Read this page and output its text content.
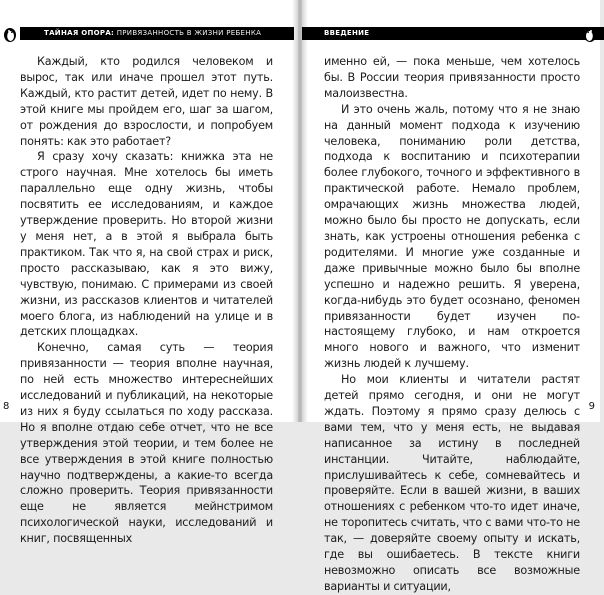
ТАЙНАЯ ОПОРА: ПРИВЯЗАННОСТЬ В ЖИЗНИ РЕБЕНКА

Каждый, кто родился человеком и вырос, так или иначе прошел этот путь. Каждый, кто растит детей, идет по нему. В этой книге мы пройдем его, шаг за шагом, от рождения до взрослости, и попробуем понять: как это работает?

Я сразу хочу сказать: книжка эта не строго научная. Мне хотелось бы иметь параллельно еще одну жизнь, чтобы посвятить ее исследованиям, и каждое утверждение проверить. Но второй жизни у меня нет, а в этой я выбрала быть практиком. Так что я, на свой страх и риск, просто рассказываю, как я это вижу, чувствую, понимаю. С примерами из своей жизни, из рассказов клиентов и читателей моего блога, из наблюдений на улице и в детских площадках.

Конечно, самая суть — теория привязанности — теория вполне научная, по ней есть множество интереснейших исследований и публикаций, на некоторые из них я буду ссылаться по ходу рассказа. Но я вполне отдаю себе отчет, что не все утверждения этой теории, и тем более не все утверждения в этой книге полностью научно подтверждены, а какие-то всегда сложно проверить. Теория привязанности еще не является мейнстримом психологической науки, исследований и книг, посвященных

8
ВВЕДЕНИЕ

именно ей, — пока меньше, чем хотелось бы. В России теория привязанности просто малоизвестна.

И это очень жаль, потому что я не знаю на данный момент подхода к изучению человека, пониманию роли детства, подхода к воспитанию и психотерапии более глубокого, точного и эффективного в практической работе. Немало проблем, омрачающих жизнь множества людей, можно было бы просто не допускать, если знать, как устроены отношения ребенка с родителями. И многие уже созданные и даже привычные можно было бы вполне успешно и надежно решить. Я уверена, когда-нибудь это будет осознано, феномен привязанности будет изучен по-настоящему глубоко, и нам откроется много нового и важного, что изменит жизнь людей к лучшему.

Но мои клиенты и читатели растят детей прямо сегодня, и они не могут ждать. Поэтому я прямо сразу делюсь с вами тем, что у меня есть, не выдавая написанное за истину в последней инстанции. Читайте, наблюдайте, прислушивайтесь к себе, сомневайтесь и проверяйте. Если в вашей жизни, в ваших отношениях с ребенком что-то идет иначе, не торопитесь считать, что с вами что-то не так, — доверяйте своему опыту и искать, где вы ошибаетесь. В тексте книги невозможно описать все возможные варианты и ситуации,

9
